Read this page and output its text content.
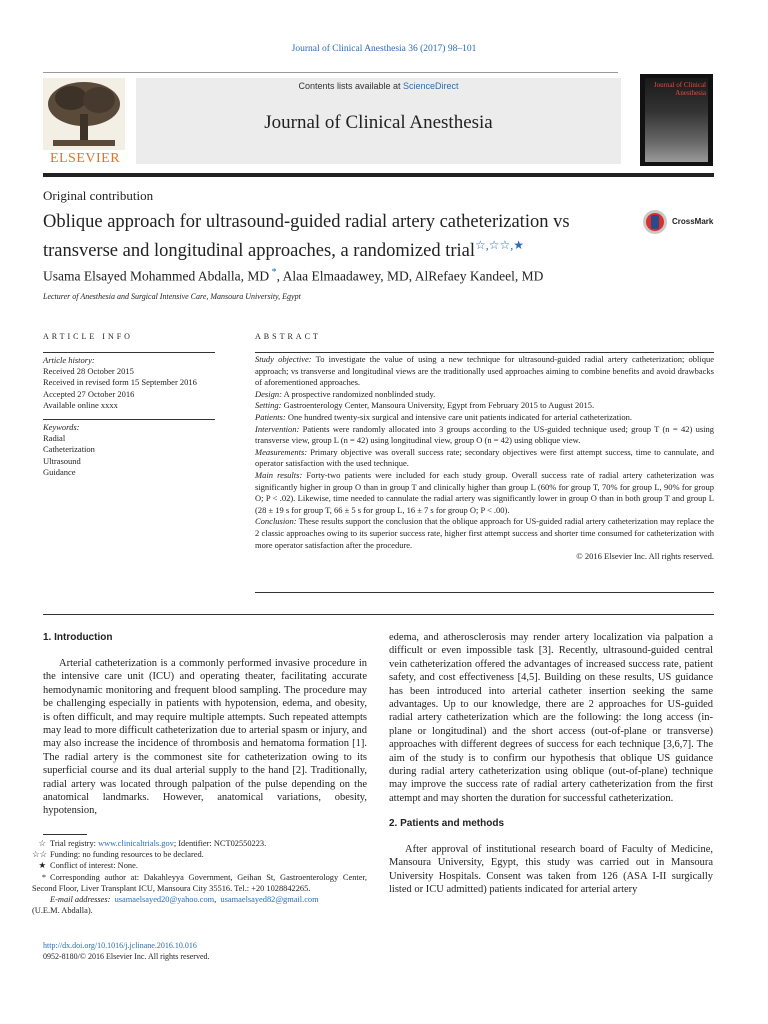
Journal of Clinical Anesthesia 36 (2017) 98–101
ELSEVIER
Contents lists available at ScienceDirect
Journal of Clinical Anesthesia
Journal of Clinical Anesthesia
Original contribution
Oblique approach for ultrasound-guided radial artery catheterization vs transverse and longitudinal approaches, a randomized trial☆,☆☆,★
CrossMark
Usama Elsayed Mohammed Abdalla, MD *, Alaa Elmaadawey, MD, AlRefaey Kandeel, MD
Lecturer of Anesthesia and Surgical Intensive Care, Mansoura University, Egypt
ARTICLE INFO
Article history:
Received 28 October 2015
Received in revised form 15 September 2016
Accepted 27 October 2016
Available online xxxx
Keywords:
Radial
Catheterization
Ultrasound
Guidance
ABSTRACT

Study objective: To investigate the value of using a new technique for ultrasound-guided radial artery catheterization; oblique approach; vs transverse and longitudinal views are the traditionally used approaches aiming to combine benefits and avoid drawbacks of aforementioned approaches.

Design: A prospective randomized nonblinded study.

Setting: Gastroenterology Center, Mansoura University, Egypt from February 2015 to August 2015.

Patients: One hundred twenty-six surgical and intensive care unit patients indicated for arterial catheterization.

Intervention: Patients were randomly allocated into 3 groups according to the US-guided technique used; group T (n = 42) using transverse view, group L (n = 42) using longitudinal view, group O (n = 42) using oblique view.

Measurements: Primary objective was overall success rate; secondary objectives were first attempt success, time to cannulate, and operator satisfaction with the used technique.

Main results: Forty-two patients were included for each study group. Overall success rate of radial artery catheterization was significantly higher in group O than in group T and clinically higher than group L (60% for group T, 70% for group L, 90% for group O; P < .02). Likewise, time needed to cannulate the radial artery was significantly lower in group O than in both group T and group L (28 ± 19 s for group T, 66 ± 5 s for group L, 16 ± 7 s for group O; P < .00).

Conclusion: These results support the conclusion that the oblique approach for US-guided radial artery catheterization may replace the 2 classic approaches owing to its superior success rate, higher first attempt success and shorter time consumed for catheterization with more operator satisfaction after the procedure.

© 2016 Elsevier Inc. All rights reserved.

1. Introduction

Arterial catheterization is a commonly performed invasive procedure in the intensive care unit (ICU) and operating theater, facilitating accurate hemodynamic monitoring and frequent blood sampling. The procedure may be challenging especially in patients with hypotension, edema, and obesity, is often difficult, and may require multiple attempts. Such repeated attempts may lead to more difficult catheterization due to arterial spasm or injury, and may also increase the incidence of thrombosis and hematoma formation [1]. The radial artery is the commonest site for catheterization owing to its superficial course and its dual arterial supply to the hand [2]. Traditionally, radial artery was located through palpation of the pulse depending on the anatomical landmarks. However, anatomical variations, obesity, hypotension,

☆ Trial registry: www.clinicaltrials.gov; Identifier: NCT02550223.
☆☆ Funding: no funding resources to be declared.
★ Conflict of interest: None.
* Corresponding author at: Dakahleyya Government, Geihan St, Gastroenterology Center, Second Floor, Liver Transplant ICU, Mansoura City 35516. Tel.: +20 1028842265.
E-mail addresses: usamaelsayed20@yahoo.com,  usamaelsayed82@gmail.com
(U.E.M. Abdalla).
http://dx.doi.org/10.1016/j.jclinane.2016.10.016
0952-8180/© 2016 Elsevier Inc. All rights reserved.

edema, and atherosclerosis may render artery localization via palpation a difficult or even impossible task [3]. Recently, ultrasound-guided central vein catheterization offered the advantages of increased success rate, patient safety, and cost effectiveness [4,5]. Building on these results, US guidance has been introduced into arterial catheter insertion seeking the same advantages. Up to our knowledge, there are 2 approaches for US-guided radial artery catheterization which are the following: the long access (in-plane or longitudinal) and the short access (out-of-plane or transverse) approaches with different degrees of success for each technique [3,6,7]. The aim of the study is to confirm our hypothesis that oblique US guidance during radial artery catheterization using oblique (out-of-plane) technique may improve the success rate of radial artery catheterization from the first attempt and may shorten the duration for successful catheterization.

2. Patients and methods

After approval of institutional research board of Faculty of Medicine, Mansoura University, Egypt, this study was carried out in Mansoura University Hospitals. Consent was taken from 126 (ASA I-II surgically listed or ICU admitted) patients indicated for arterial artery
